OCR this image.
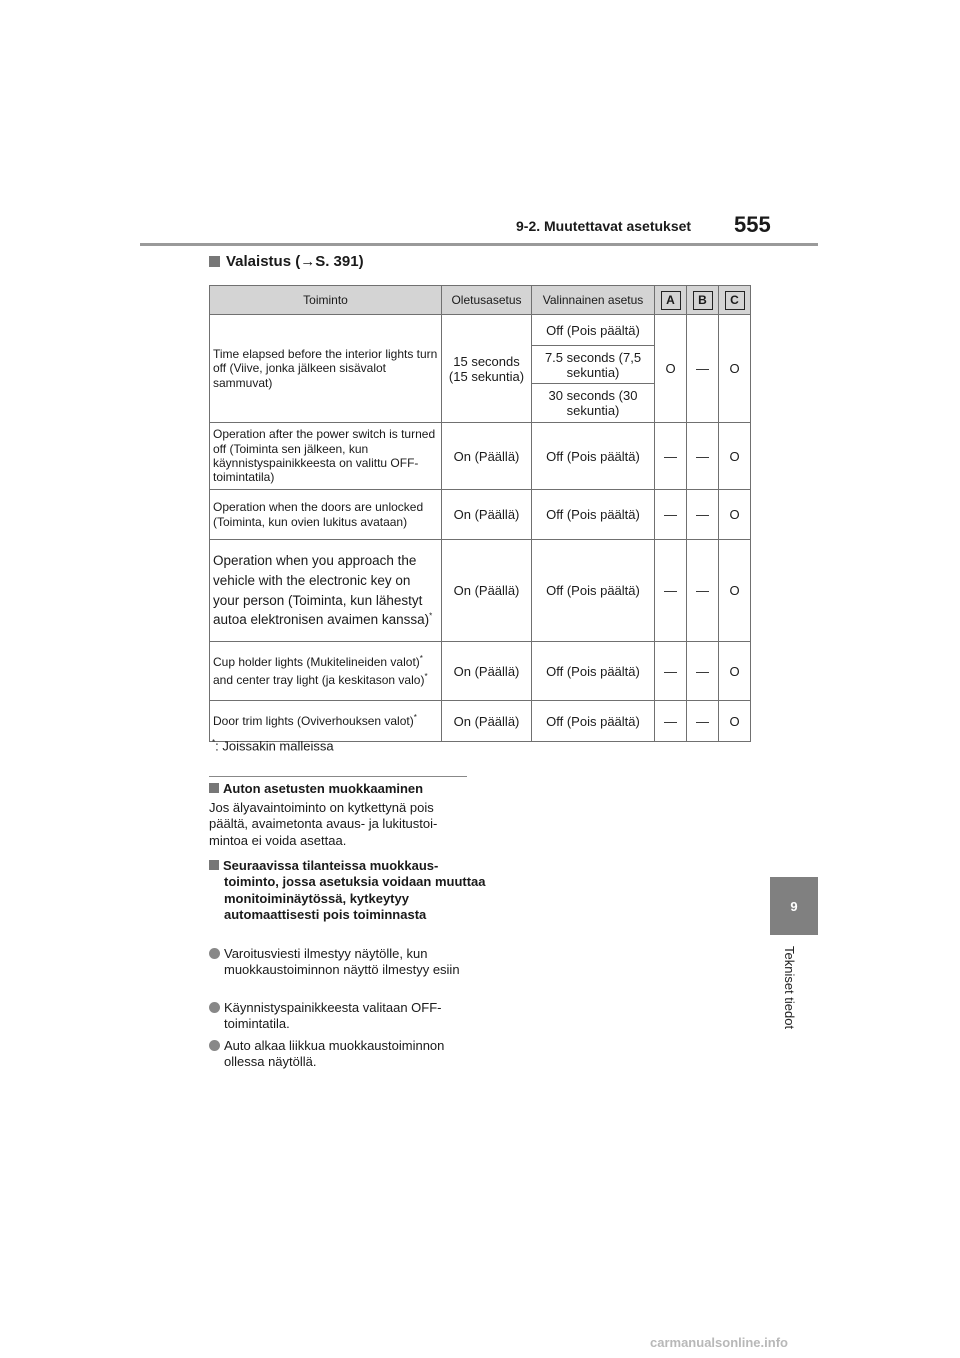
9-2. Muutettavat asetukset 555
9
Tekniset tiedot
Valaistus (→S. 391)
Toiminto	Oletusasetus	Valinnainen asetus	A	B	C
Time elapsed before the interior lights turn off (Viive, jonka jälkeen sisävalot sammuvat)	15 seconds (15 sekuntia)	Off (Pois päältä)	O	—	O
		7.5 seconds (7,5 sekuntia)			
		30 seconds (30 sekuntia)			
Operation after the power switch is turned off (Toiminta sen jälkeen, kun käynnistyspainikkeesta on valittu OFF-toimintatila)	On (Päällä)	Off (Pois päältä)	—	—	O
Operation when the doors are unlocked (Toiminta, kun ovien lukitus avataan)	On (Päällä)	Off (Pois päältä)	—	—	O
Operation when you approach the vehicle with the electronic key on your person (Toiminta, kun lähestyt autoa elektronisen avaimen kanssa)*	On (Päällä)	Off (Pois päältä)	—	—	O
Cup holder lights (Mukitelineiden valot)* and center tray light (ja keskitason valo)*	On (Päällä)	Off (Pois päältä)	—	—	O
Door trim lights (Oviverhouksen valot)*	On (Päällä)	Off (Pois päältä)	—	—	O
*: Joissakin malleissa
Auton asetusten muokkaaminen
Jos älyavaintoiminto on kytkettynä pois päältä, avaimetonta avaus- ja lukitustoi-mintoa ei voida asettaa.
Seuraavissa tilanteissa muokkaus-toiminto, jossa asetuksia voidaan muuttaa monitoiminäytössä, kytkeytyy automaattisesti pois toiminnasta
Varoitusviesti ilmestyy näytölle, kun muokkaustoiminnon näyttö ilmestyy esiin
Käynnistyspainikkeesta valitaan OFF-toimintatila.
Auto alkaa liikkua muokkaustoiminnon ollessa näytöllä.
carmanualsonline.info
